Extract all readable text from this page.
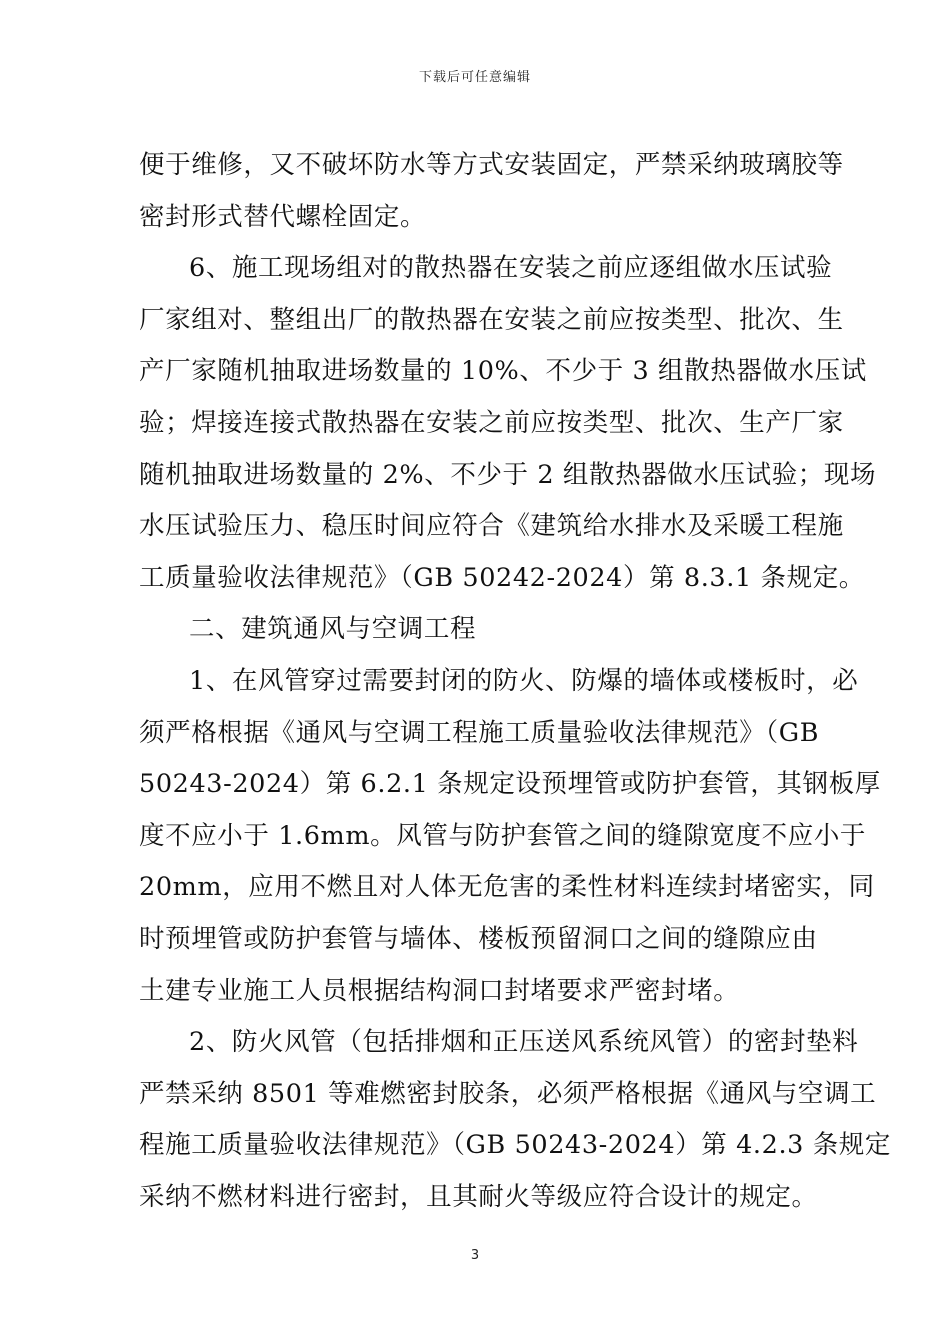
下载后可任意编辑
便于维修，又不破坏防水等方式安装固定，严禁采纳玻璃胶等
密封形式替代螺栓固定。
6、施工现场组对的散热器在安装之前应逐组做水压试验
厂家组对、整组出厂的散热器在安装之前应按类型、批次、生
产厂家随机抽取进场数量的 10%、不少于 3 组散热器做水压试
验；焊接连接式散热器在安装之前应按类型、批次、生产厂家
随机抽取进场数量的 2%、不少于 2 组散热器做水压试验；现场
水压试验压力、稳压时间应符合《建筑给水排水及采暖工程施
工质量验收法律规范》（GB 50242-2024）第 8.3.1 条规定。
二、建筑通风与空调工程
1、在风管穿过需要封闭的防火、防爆的墙体或楼板时，必
须严格根据《通风与空调工程施工质量验收法律规范》（GB
50243-2024）第 6.2.1 条规定设预埋管或防护套管，其钢板厚
度不应小于 1.6mm。风管与防护套管之间的缝隙宽度不应小于
20mm，应用不燃且对人体无危害的柔性材料连续封堵密实，同
时预埋管或防护套管与墙体、楼板预留洞口之间的缝隙应由
土建专业施工人员根据结构洞口封堵要求严密封堵。
2、防火风管（包括排烟和正压送风系统风管）的密封垫料
严禁采纳 8501 等难燃密封胶条，必须严格根据《通风与空调工
程施工质量验收法律规范》（GB 50243-2024）第 4.2.3 条规定
采纳不燃材料进行密封，且其耐火等级应符合设计的规定。
3
